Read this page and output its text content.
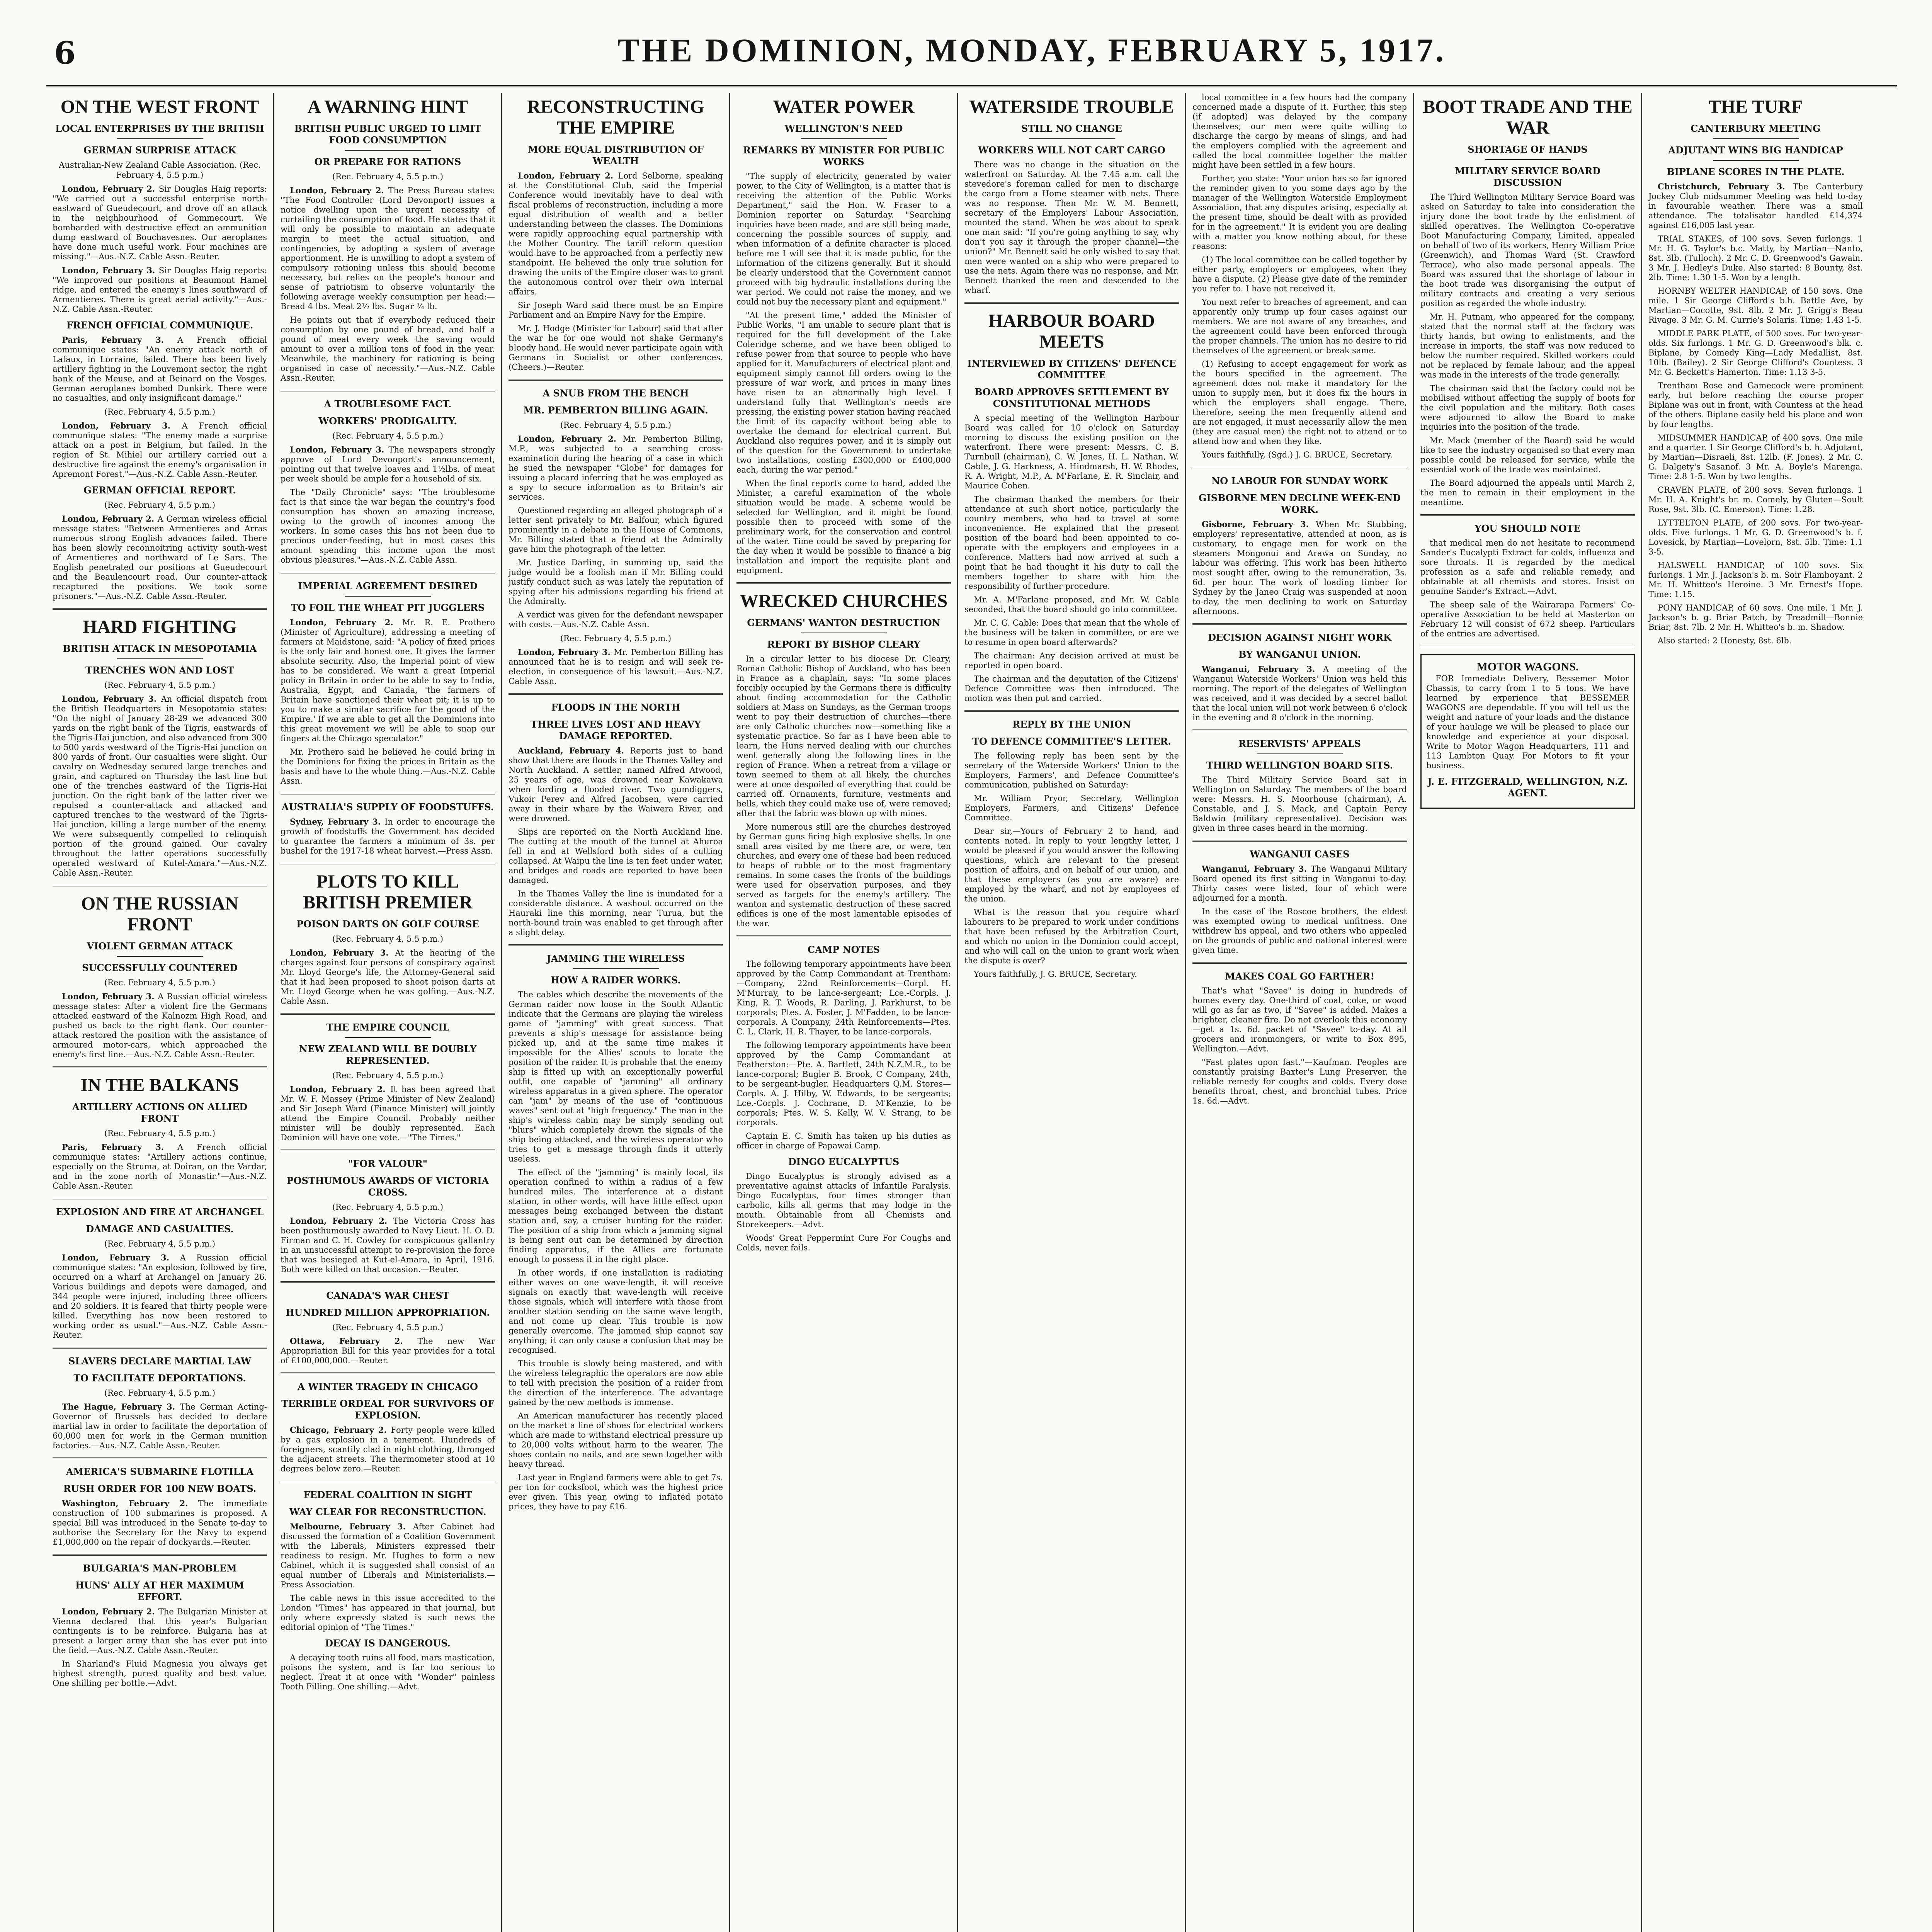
6	THE DOMINION, MONDAY, FEBRUARY 5, 1917.
ON THE WEST FRONT
LOCAL ENTERPRISES BY THE BRITISH
GERMAN SURPRISE ATTACK
Australian-New Zealand Cable Association. (Rec. February 4, 5.5 p.m.)
London, February 2. Sir Douglas Haig reports: "We carried out a successful enterprise north-eastward of Gueudecourt, and drove off an attack in the neighbourhood of Gommecourt. We bombarded with destructive effect an ammunition dump eastward of Bouchavesnes. Our aeroplanes have done much useful work. Four machines are missing."—Aus.-N.Z. Cable Assn.-Reuter.
London, February 3. Sir Douglas Haig reports: "We improved our positions at Beaumont Hamel ridge, and entered the enemy's lines southward of Armentieres. There is great aerial activity."—Aus.-N.Z. Cable Assn.-Reuter.
FRENCH OFFICIAL COMMUNIQUE.
Paris, February 3. A French official communique states: "An enemy attack north of Lafaux, in Lorraine, failed. There has been lively artillery fighting in the Louvemont sector, the right bank of the Meuse, and at Beinard on the Vosges. German aeroplanes bombed Dunkirk. There were no casualties, and only insignificant damage."
(Rec. February 4, 5.5 p.m.)
London, February 3. A French official communique states: "The enemy made a surprise attack on a post in Belgium, but failed. In the region of St. Mihiel our artillery carried out a destructive fire against the enemy's organisation in Apremont Forest."—Aus.-N.Z. Cable Assn.-Reuter.
GERMAN OFFICIAL REPORT.
(Rec. February 4, 5.5 p.m.)
London, February 2. A German wireless official message states: "Between Armentieres and Arras numerous strong English advances failed. There has been slowly reconnoitring activity south-west of Armentieres and northward of Le Sars. The English penetrated our positions at Gueudecourt and the Beaulencourt road. Our counter-attack recaptured the positions. We took some prisoners."—Aus.-N.Z. Cable Assn.-Reuter.
HARD FIGHTING
BRITISH ATTACK IN MESOPOTAMIA
TRENCHES WON AND LOST
(Rec. February 4, 5.5 p.m.)
London, February 3. An official dispatch from the British Headquarters in Mesopotamia states: "On the night of January 28-29 we advanced 300 yards on the right bank of the Tigris, eastwards of the Tigris-Hai junction, and also advanced from 300 to 500 yards westward of the Tigris-Hai junction on 800 yards of front. Our casualties were slight. Our cavalry on Wednesday secured large trenches and grain, and captured on Thursday the last line but one of the trenches eastward of the Tigris-Hai junction. On the right bank of the latter river we repulsed a counter-attack and attacked and captured trenches to the westward of the Tigris-Hai junction, killing a large number of the enemy. We were subsequently compelled to relinquish portion of the ground gained. Our cavalry throughout the latter operations successfully operated westward of Kutel-Amara."—Aus.-N.Z. Cable Assn.-Reuter.
ON THE RUSSIAN FRONT
VIOLENT GERMAN ATTACK
SUCCESSFULLY COUNTERED
(Rec. February 4, 5.5 p.m.)
London, February 3. A Russian official wireless message states: After a violent fire the Germans attacked eastward of the Kalnozm High Road, and pushed us back to the right flank. Our counter-attack restored the position with the assistance of armoured motor-cars, which approached the enemy's first line.—Aus.-N.Z. Cable Assn.-Reuter.
IN THE BALKANS
ARTILLERY ACTIONS ON ALLIED FRONT
(Rec. February 4, 5.5 p.m.)
Paris, February 3. A French official communique states: "Artillery actions continue, especially on the Struma, at Doiran, on the Vardar, and in the zone north of Monastir."—Aus.-N.Z. Cable Assn.-Reuter.
EXPLOSION AND FIRE AT ARCHANGEL
DAMAGE AND CASUALTIES.
(Rec. February 4, 5.5 p.m.)
London, February 3. A Russian official communique states: "An explosion, followed by fire, occurred on a wharf at Archangel on January 26. Various buildings and depots were damaged, and 344 people were injured, including three officers and 20 soldiers. It is feared that thirty people were killed. Everything has now been restored to working order as usual."—Aus.-N.Z. Cable Assn.-Reuter.
SLAVERS DECLARE MARTIAL LAW
TO FACILITATE DEPORTATIONS.
(Rec. February 4, 5.5 p.m.)
The Hague, February 3. The German Acting-Governor of Brussels has decided to declare martial law in order to facilitate the deportation of 60,000 men for work in the German munition factories.—Aus.-N.Z. Cable Assn.-Reuter.
AMERICA'S SUBMARINE FLOTILLA
RUSH ORDER FOR 100 NEW BOATS.
Washington, February 2. The immediate construction of 100 submarines is proposed. A special Bill was introduced in the Senate to-day to authorise the Secretary for the Navy to expend £1,000,000 on the repair of dockyards.—Reuter.
BULGARIA'S MAN-PROBLEM
HUNS' ALLY AT HER MAXIMUM EFFORT.
London, February 2. The Bulgarian Minister at Vienna declared that this year's Bulgarian contingents is to be reinforce. Bulgaria has at present a larger army than she has ever put into the field.—Aus.-N.Z. Cable Assn.-Reuter.
In Sharland's Fluid Magnesia you always get highest strength, purest quality and best value. One shilling per bottle.—Advt.
A WARNING HINT
BRITISH PUBLIC URGED TO LIMIT FOOD CONSUMPTION
OR PREPARE FOR RATIONS
(Rec. February 4, 5.5 p.m.)
London, February 2. The Press Bureau states: "The Food Controller (Lord Devonport) issues a notice dwelling upon the urgent necessity of curtailing the consumption of food. He states that it will only be possible to maintain an adequate margin to meet the actual situation, and contingencies, by adopting a system of average apportionment. He is unwilling to adopt a system of compulsory rationing unless this should become necessary, but relies on the people's honour and sense of patriotism to observe voluntarily the following average weekly consumption per head:— Bread 4 lbs. Meat 2½ lbs. Sugar ¾ lb.
He points out that if everybody reduced their consumption by one pound of bread, and half a pound of meat every week the saving would amount to over a million tons of food in the year. Meanwhile, the machinery for rationing is being organised in case of necessity."—Aus.-N.Z. Cable Assn.-Reuter.
A TROUBLESOME FACT.
WORKERS' PRODIGALITY.
(Rec. February 4, 5.5 p.m.)
London, February 3. The newspapers strongly approve of Lord Devonport's announcement, pointing out that twelve loaves and 1½lbs. of meat per week should be ample for a household of six.
The "Daily Chronicle" says: "The troublesome fact is that since the war began the country's food consumption has shown an amazing increase, owing to the growth of incomes among the workers. In some cases this has not been due to precious under-feeding, but in most cases this amount spending this income upon the most obvious pleasures."—Aus.-N.Z. Cable Assn.
IMPERIAL AGREEMENT DESIRED
TO FOIL THE WHEAT PIT JUGGLERS
London, February 2. Mr. R. E. Prothero (Minister of Agriculture), addressing a meeting of farmers at Maidstone, said: "A policy of fixed prices is the only fair and honest one. It gives the farmer absolute security. Also, the Imperial point of view has to be considered. We want a great Imperial policy in Britain in order to be able to say to India, Australia, Egypt, and Canada, 'the farmers of Britain have sanctioned their wheat pit; it is up to you to make a similar sacrifice for the good of the Empire.' If we are able to get all the Dominions into this great movement we will be able to snap our fingers at the Chicago speculator."
Mr. Prothero said he believed he could bring in the Dominions for fixing the prices in Britain as the basis and have to the whole thing.—Aus.-N.Z. Cable Assn.
AUSTRALIA'S SUPPLY OF FOODSTUFFS.
Sydney, February 3. In order to encourage the growth of foodstuffs the Government has decided to guarantee the farmers a minimum of 3s. per bushel for the 1917-18 wheat harvest.—Press Assn.
PLOTS TO KILL BRITISH PREMIER
POISON DARTS ON GOLF COURSE
(Rec. February 4, 5.5 p.m.)
London, February 3. At the hearing of the charges against four persons of conspiracy against Mr. Lloyd George's life, the Attorney-General said that it had been proposed to shoot poison darts at Mr. Lloyd George when he was golfing.—Aus.-N.Z. Cable Assn.
THE EMPIRE COUNCIL
NEW ZEALAND WILL BE DOUBLY REPRESENTED.
(Rec. February 4, 5.5 p.m.)
London, February 2. It has been agreed that Mr. W. F. Massey (Prime Minister of New Zealand) and Sir Joseph Ward (Finance Minister) will jointly attend the Empire Council. Probably neither minister will be doubly represented. Each Dominion will have one vote.—"The Times."
"FOR VALOUR"
POSTHUMOUS AWARDS OF VICTORIA CROSS.
(Rec. February 4, 5.5 p.m.)
London, February 2. The Victoria Cross has been posthumously awarded to Navy Lieut. H. O. D. Firman and C. H. Cowley for conspicuous gallantry in an unsuccessful attempt to re-provision the force that was besieged at Kut-el-Amara, in April, 1916. Both were killed on that occasion.—Reuter.
CANADA'S WAR CHEST
HUNDRED MILLION APPROPRIATION.
(Rec. February 4, 5.5 p.m.)
Ottawa, February 2. The new War Appropriation Bill for this year provides for a total of £100,000,000.—Reuter.
A WINTER TRAGEDY IN CHICAGO
TERRIBLE ORDEAL FOR SURVIVORS OF EXPLOSION.
Chicago, February 2. Forty people were killed by a gas explosion in a tenement. Hundreds of foreigners, scantily clad in night clothing, thronged the adjacent streets. The thermometer stood at 10 degrees below zero.—Reuter.
FEDERAL COALITION IN SIGHT
WAY CLEAR FOR RECONSTRUCTION.
Melbourne, February 3. After Cabinet had discussed the formation of a Coalition Government with the Liberals, Ministers expressed their readiness to resign. Mr. Hughes to form a new Cabinet, which it is suggested shall consist of an equal number of Liberals and Ministerialists.—Press Association.
The cable news in this issue accredited to the London "Times" has appeared in that journal, but only where expressly stated is such news the editorial opinion of "The Times."
DECAY IS DANGEROUS.
A decaying tooth ruins all food, mars mastication, poisons the system, and is far too serious to neglect. Treat it at once with "Wonder" painless Tooth Filling. One shilling.—Advt.
RECONSTRUCTING THE EMPIRE
MORE EQUAL DISTRIBUTION OF WEALTH
London, February 2. Lord Selborne, speaking at the Constitutional Club, said the Imperial Conference would inevitably have to deal with fiscal problems of reconstruction, including a more equal distribution of wealth and a better understanding between the classes. The Dominions were rapidly approaching equal partnership with the Mother Country. The tariff reform question would have to be approached from a perfectly new standpoint. He believed the only true solution for drawing the units of the Empire closer was to grant the autonomous control over their own internal affairs.
Sir Joseph Ward said there must be an Empire Parliament and an Empire Navy for the Empire.
Mr. J. Hodge (Minister for Labour) said that after the war he for one would not shake Germany's bloody hand. He would never participate again with Germans in Socialist or other conferences. (Cheers.)—Reuter.
A SNUB FROM THE BENCH
MR. PEMBERTON BILLING AGAIN.
(Rec. February 4, 5.5 p.m.)
London, February 2. Mr. Pemberton Billing, M.P., was subjected to a searching cross-examination during the hearing of a case in which he sued the newspaper "Globe" for damages for issuing a placard inferring that he was employed as a spy to secure information as to Britain's air services.
Questioned regarding an alleged photograph of a letter sent privately to Mr. Balfour, which figured prominently in a debate in the House of Commons, Mr. Billing stated that a friend at the Admiralty gave him the photograph of the letter.
Mr. Justice Darling, in summing up, said the judge would be a foolish man if Mr. Billing could justify conduct such as was lately the reputation of spying after his admissions regarding his friend at the Admiralty.
A verdict was given for the defendant newspaper with costs.—Aus.-N.Z. Cable Assn.
(Rec. February 4, 5.5 p.m.)
London, February 3. Mr. Pemberton Billing has announced that he is to resign and will seek re-election, in consequence of his lawsuit.—Aus.-N.Z. Cable Assn.
FLOODS IN THE NORTH
THREE LIVES LOST AND HEAVY DAMAGE REPORTED.
Auckland, February 4. Reports just to hand show that there are floods in the Thames Valley and North Auckland. A settler, named Alfred Atwood, 25 years of age, was drowned near Kawakawa when fording a flooded river. Two gumdiggers, Vukoir Perev and Alfred Jacobsen, were carried away in their whare by the Waiwera River, and were drowned.
Slips are reported on the North Auckland line. The cutting at the mouth of the tunnel at Ahuroa fell in and at Wellsford both sides of a cutting collapsed. At Waipu the line is ten feet under water, and bridges and roads are reported to have been damaged.
In the Thames Valley the line is inundated for a considerable distance. A washout occurred on the Hauraki line this morning, near Turua, but the north-bound train was enabled to get through after a slight delay.
JAMMING THE WIRELESS
HOW A RAIDER WORKS.
The cables which describe the movements of the German raider now loose in the South Atlantic indicate that the Germans are playing the wireless game of "jamming" with great success. That prevents a ship's message for assistance being picked up, and at the same time makes it impossible for the Allies' scouts to locate the position of the raider. It is probable that the enemy ship is fitted up with an exceptionally powerful outfit, one capable of "jamming" all ordinary wireless apparatus in a given sphere. The operator can "jam" by means of the use of "continuous waves" sent out at "high frequency." The man in the ship's wireless cabin may be simply sending out "blurs" which completely drown the signals of the ship being attacked, and the wireless operator who tries to get a message through finds it utterly useless.
The effect of the "jamming" is mainly local, its operation confined to within a radius of a few hundred miles. The interference at a distant station, in other words, will have little effect upon messages being exchanged between the distant station and, say, a cruiser hunting for the raider. The position of a ship from which a jamming signal is being sent out can be determined by direction finding apparatus, if the Allies are fortunate enough to possess it in the right place.
In other words, if one installation is radiating either waves on one wave-length, it will receive signals on exactly that wave-length will receive those signals, which will interfere with those from another station sending on the same wave length, and not come up clear. This trouble is now generally overcome. The jammed ship cannot say anything; it can only cause a confusion that may be recognised.
This trouble is slowly being mastered, and with the wireless telegraphic the operators are now able to tell with precision the position of a raider from the direction of the interference. The advantage gained by the new methods is immense.
An American manufacturer has recently placed on the market a line of shoes for electrical workers which are made to withstand electrical pressure up to 20,000 volts without harm to the wearer. The shoes contain no nails, and are sewn together with heavy thread.
Last year in England farmers were able to get 7s. per ton for cocksfoot, which was the highest price ever given. This year, owing to inflated potato prices, they have to pay £16.
WATER POWER
WELLINGTON'S NEED
REMARKS BY MINISTER FOR PUBLIC WORKS
"The supply of electricity, generated by water power, to the City of Wellington, is a matter that is receiving the attention of the Public Works Department," said the Hon. W. Fraser to a Dominion reporter on Saturday. "Searching inquiries have been made, and are still being made, concerning the possible sources of supply, and when information of a definite character is placed before me I will see that it is made public, for the information of the citizens generally. But it should be clearly understood that the Government cannot proceed with big hydraulic installations during the war period. We could not raise the money, and we could not buy the necessary plant and equipment."
"At the present time," added the Minister of Public Works, "I am unable to secure plant that is required for the full development of the Lake Coleridge scheme, and we have been obliged to refuse power from that source to people who have applied for it. Manufacturers of electrical plant and equipment simply cannot fill orders owing to the pressure of war work, and prices in many lines have risen to an abnormally high level. I understand fully that Wellington's needs are pressing, the existing power station having reached the limit of its capacity without being able to overtake the demand for electrical current. But Auckland also requires power, and it is simply out of the question for the Government to undertake two installations, costing £300,000 or £400,000 each, during the war period."
When the final reports come to hand, added the Minister, a careful examination of the whole situation would be made. A scheme would be selected for Wellington, and it might be found possible then to proceed with some of the preliminary work, for the conservation and control of the water. Time could be saved by preparing for the day when it would be possible to finance a big installation and import the requisite plant and equipment.
WRECKED CHURCHES
GERMANS' WANTON DESTRUCTION
REPORT BY BISHOP CLEARY
In a circular letter to his diocese Dr. Cleary, Roman Catholic Bishop of Auckland, who has been in France as a chaplain, says: "In some places forcibly occupied by the Germans there is difficulty about finding accommodation for the Catholic soldiers at Mass on Sundays, as the German troops went to pay their destruction of churches—there are only Catholic churches now—something like a systematic practice. So far as I have been able to learn, the Huns nerved dealing with our churches went generally along the following lines in the region of France. When a retreat from a village or town seemed to them at all likely, the churches were at once despoiled of everything that could be carried off. Ornaments, furniture, vestments and bells, which they could make use of, were removed; after that the fabric was blown up with mines.
More numerous still are the churches destroyed by German guns firing high explosive shells. In one small area visited by me there are, or were, ten churches, and every one of these had been reduced to heaps of rubble or to the most fragmentary remains. In some cases the fronts of the buildings were used for observation purposes, and they served as targets for the enemy's artillery. The wanton and systematic destruction of these sacred edifices is one of the most lamentable episodes of the war.
CAMP NOTES
The following temporary appointments have been approved by the Camp Commandant at Trentham:—Company, 22nd Reinforcements—Corpl. H. M'Murray, to be lance-sergeant; Lce.-Corpls. J. King, R. T. Woods, R. Darling, J. Parkhurst, to be corporals; Ptes. A. Foster, J. M'Fadden, to be lance-corporals. A Company, 24th Reinforcements—Ptes. C. L. Clark, H. R. Thayer, to be lance-corporals.
The following temporary appointments have been approved by the Camp Commandant at Featherston:—Pte. A. Bartlett, 24th N.Z.M.R., to be lance-corporal; Bugler B. Brook, C Company, 24th, to be sergeant-bugler. Headquarters Q.M. Stores—Corpls. A. J. Hilby, W. Edwards, to be sergeants; Lce.-Corpls. J. Cochrane, D. M'Kenzie, to be corporals; Ptes. W. S. Kelly, W. V. Strang, to be corporals.
Captain E. C. Smith has taken up his duties as officer in charge of Papawai Camp.
DINGO EUCALYPTUS
Dingo Eucalyptus is strongly advised as a preventative against attacks of Infantile Paralysis. Dingo Eucalyptus, four times stronger than carbolic, kills all germs that may lodge in the mouth. Obtainable from all Chemists and Storekeepers.—Advt.
Woods' Great Peppermint Cure For Coughs and Colds, never fails.
WATERSIDE TROUBLE
STILL NO CHANGE
WORKERS WILL NOT CART CARGO
There was no change in the situation on the waterfront on Saturday. At the 7.45 a.m. call the stevedore's foreman called for men to discharge the cargo from a Home steamer with nets. There was no response. Then Mr. W. M. Bennett, secretary of the Employers' Labour Association, mounted the stand. When he was about to speak one man said: "If you're going anything to say, why don't you say it through the proper channel—the union?" Mr. Bennett said he only wished to say that men were wanted on a ship who were prepared to use the nets. Again there was no response, and Mr. Bennett thanked the men and descended to the wharf.
HARBOUR BOARD MEETS
INTERVIEWED BY CITIZENS' DEFENCE COMMITTEE
BOARD APPROVES SETTLEMENT BY CONSTITUTIONAL METHODS
A special meeting of the Wellington Harbour Board was called for 10 o'clock on Saturday morning to discuss the existing position on the waterfront. There were present: Messrs. C. B. Turnbull (chairman), C. W. Jones, H. L. Nathan, W. Cable, J. G. Harkness, A. Hindmarsh, H. W. Rhodes, R. A. Wright, M.P., A. M'Farlane, E. R. Sinclair, and Maurice Cohen.
The chairman thanked the members for their attendance at such short notice, particularly the country members, who had to travel at some inconvenience. He explained that the present position of the board had been appointed to co-operate with the employers and employees in a conference. Matters had now arrived at such a point that he had thought it his duty to call the members together to share with him the responsibility of further procedure.
Mr. A. M'Farlane proposed, and Mr. W. Cable seconded, that the board should go into committee.
Mr. C. G. Cable: Does that mean that the whole of the business will be taken in committee, or are we to resume in open board afterwards?
The chairman: Any decision arrived at must be reported in open board.
The chairman and the deputation of the Citizens' Defence Committee was then introduced. The motion was then put and carried.
REPLY BY THE UNION
TO DEFENCE COMMITTEE'S LETTER.
The following reply has been sent by the secretary of the Waterside Workers' Union to the Employers, Farmers', and Defence Committee's communication, published on Saturday:
Mr. William Pryor, Secretary, Wellington Employers, Farmers, and Citizens' Defence Committee.
Dear sir,—Yours of February 2 to hand, and contents noted. In reply to your lengthy letter, I would be pleased if you would answer the following questions, which are relevant to the present position of affairs, and on behalf of our union, and that these employers (as you are aware) are employed by the wharf, and not by employees of the union.
What is the reason that you require wharf labourers to be prepared to work under conditions that have been refused by the Arbitration Court, and which no union in the Dominion could accept, and who will call on the union to grant work when the dispute is over?
Yours faithfully, J. G. BRUCE, Secretary.
local committee in a few hours had the company concerned made a dispute of it. Further, this step (if adopted) was delayed by the company themselves; our men were quite willing to discharge the cargo by means of slings, and had the employers complied with the agreement and called the local committee together the matter might have been settled in a few hours.
Further, you state: "Your union has so far ignored the reminder given to you some days ago by the manager of the Wellington Waterside Employment Association, that any disputes arising, especially at the present time, should be dealt with as provided for in the agreement." It is evident you are dealing with a matter you know nothing about, for these reasons:
(1) The local committee can be called together by either party, employers or employees, when they have a dispute. (2) Please give date of the reminder you refer to. I have not received it.
You next refer to breaches of agreement, and can apparently only trump up four cases against our members. We are not aware of any breaches, and the agreement could have been enforced through the proper channels. The union has no desire to rid themselves of the agreement or break same.
(1) Refusing to accept engagement for work as the hours specified in the agreement. The agreement does not make it mandatory for the union to supply men, but it does fix the hours in which the employers shall engage. There, therefore, seeing the men frequently attend and are not engaged, it must necessarily allow the men (they are casual men) the right not to attend or to attend how and when they like.
Yours faithfully, (Sgd.) J. G. BRUCE, Secretary.
NO LABOUR FOR SUNDAY WORK
GISBORNE MEN DECLINE WEEK-END WORK.
Gisborne, February 3. When Mr. Stubbing, employers' representative, attended at noon, as is customary, to engage men for work on the steamers Mongonui and Arawa on Sunday, no labour was offering. This work has been hitherto most sought after, owing to the remuneration, 3s. 6d. per hour. The work of loading timber for Sydney by the Janeo Craig was suspended at noon to-day, the men declining to work on Saturday afternoons.
DECISION AGAINST NIGHT WORK
BY WANGANUI UNION.
Wanganui, February 3. A meeting of the Wanganui Waterside Workers' Union was held this morning. The report of the delegates of Wellington was received, and it was decided by a secret ballot that the local union will not work between 6 o'clock in the evening and 8 o'clock in the morning.
RESERVISTS' APPEALS
THIRD WELLINGTON BOARD SITS.
The Third Military Service Board sat in Wellington on Saturday. The members of the board were: Messrs. H. S. Moorhouse (chairman), A. Constable, and J. S. Mack, and Captain Percy Baldwin (military representative). Decision was given in three cases heard in the morning.
WANGANUI CASES
Wanganui, February 3. The Wanganui Military Board opened its first sitting in Wanganui to-day. Thirty cases were listed, four of which were adjourned for a month.
In the case of the Roscoe brothers, the eldest was exempted owing to medical unfitness. One withdrew his appeal, and two others who appealed on the grounds of public and national interest were given time.
MAKES COAL GO FARTHER!
That's what "Savee" is doing in hundreds of homes every day. One-third of coal, coke, or wood will go as far as two, if "Savee" is added. Makes a brighter, cleaner fire. Do not overlook this economy—get a 1s. 6d. packet of "Savee" to-day. At all grocers and ironmongers, or write to Box 895, Wellington.—Advt.
"Fast plates upon fast."—Kaufman. Peoples are constantly praising Baxter's Lung Preserver, the reliable remedy for coughs and colds. Every dose benefits throat, chest, and bronchial tubes. Price 1s. 6d.—Advt.
BOOT TRADE AND THE WAR
SHORTAGE OF HANDS
MILITARY SERVICE BOARD DISCUSSION
The Third Wellington Military Service Board was asked on Saturday to take into consideration the injury done the boot trade by the enlistment of skilled operatives. The Wellington Co-operative Boot Manufacturing Company, Limited, appealed on behalf of two of its workers, Henry William Price (Greenwich), and Thomas Ward (St. Crawford Terrace), who also made personal appeals. The Board was assured that the shortage of labour in the boot trade was disorganising the output of military contracts and creating a very serious position as regarded the whole industry.
Mr. H. Putnam, who appeared for the company, stated that the normal staff at the factory was thirty hands, but owing to enlistments, and the increase in imports, the staff was now reduced to below the number required. Skilled workers could not be replaced by female labour, and the appeal was made in the interests of the trade generally.
The chairman said that the factory could not be mobilised without affecting the supply of boots for the civil population and the military. Both cases were adjourned to allow the Board to make inquiries into the position of the trade.
Mr. Mack (member of the Board) said he would like to see the industry organised so that every man possible could be released for service, while the essential work of the trade was maintained.
The Board adjourned the appeals until March 2, the men to remain in their employment in the meantime.
YOU SHOULD NOTE
that medical men do not hesitate to recommend Sander's Eucalypti Extract for colds, influenza and sore throats. It is regarded by the medical profession as a safe and reliable remedy, and obtainable at all chemists and stores. Insist on genuine Sander's Extract.—Advt.
The sheep sale of the Wairarapa Farmers' Co-operative Association to be held at Masterton on February 12 will consist of 672 sheep. Particulars of the entries are advertised.
MOTOR WAGONS.
FOR Immediate Delivery, Bessemer Motor Chassis, to carry from 1 to 5 tons. We have learned by experience that BESSEMER WAGONS are dependable. If you will tell us the weight and nature of your loads and the distance of your haulage we will be pleased to place our knowledge and experience at your disposal. Write to Motor Wagon Headquarters, 111 and 113 Lambton Quay. For Motors to fit your business.
J. E. FITZGERALD, WELLINGTON, N.Z. AGENT.
THE TURF
CANTERBURY MEETING
ADJUTANT WINS BIG HANDICAP
BIPLANE SCORES IN THE PLATE.
Christchurch, February 3. The Canterbury Jockey Club midsummer Meeting was held to-day in favourable weather. There was a small attendance. The totalisator handled £14,374 against £16,005 last year.
TRIAL STAKES, of 100 sovs. Seven furlongs. 1 Mr. H. G. Taylor's b.c. Matty, by Martian—Nanto, 8st. 3lb. (Tulloch). 2 Mr. C. D. Greenwood's Gawain. 3 Mr. J. Hedley's Duke. Also started: 8 Bounty, 8st. 2lb. Time: 1.30 1-5. Won by a length.
HORNBY WELTER HANDICAP, of 150 sovs. One mile. 1 Sir George Clifford's b.h. Battle Ave, by Martian—Cocotte, 9st. 8lb. 2 Mr. J. Grigg's Beau Rivage. 3 Mr. G. M. Currie's Solaris. Time: 1.43 1-5.
MIDDLE PARK PLATE, of 500 sovs. For two-year-olds. Six furlongs. 1 Mr. G. D. Greenwood's blk. c. Biplane, by Comedy King—Lady Medallist, 8st. 10lb. (Bailey). 2 Sir George Clifford's Countess. 3 Mr. G. Beckett's Hamerton. Time: 1.13 3-5.
Trentham Rose and Gamecock were prominent early, but before reaching the course proper Biplane was out in front, with Countess at the head of the others. Biplane easily held his place and won by four lengths.
MIDSUMMER HANDICAP, of 400 sovs. One mile and a quarter. 1 Sir George Clifford's b. h. Adjutant, by Martian—Disraeli, 8st. 12lb. (F. Jones). 2 Mr. C. G. Dalgety's Sasanof. 3 Mr. A. Boyle's Marenga. Time: 2.8 1-5. Won by two lengths.
CRAVEN PLATE, of 200 sovs. Seven furlongs. 1 Mr. H. A. Knight's br. m. Comely, by Gluten—Soult Rose, 9st. 3lb. (C. Emerson). Time: 1.28.
LYTTELTON PLATE, of 200 sovs. For two-year-olds. Five furlongs. 1 Mr. G. D. Greenwood's b. f. Lovesick, by Martian—Lovelorn, 8st. 5lb. Time: 1.1 3-5.
HALSWELL HANDICAP, of 100 sovs. Six furlongs. 1 Mr. J. Jackson's b. m. Soir Flamboyant. 2 Mr. H. Whitteo's Heroine. 3 Mr. Ernest's Hope. Time: 1.15.
PONY HANDICAP, of 60 sovs. One mile. 1 Mr. J. Jackson's b. g. Briar Patch, by Treadmill—Bonnie Briar, 8st. 7lb. 2 Mr. H. Whitteo's b. m. Shadow.
Also started: 2 Honesty, 8st. 6lb.
